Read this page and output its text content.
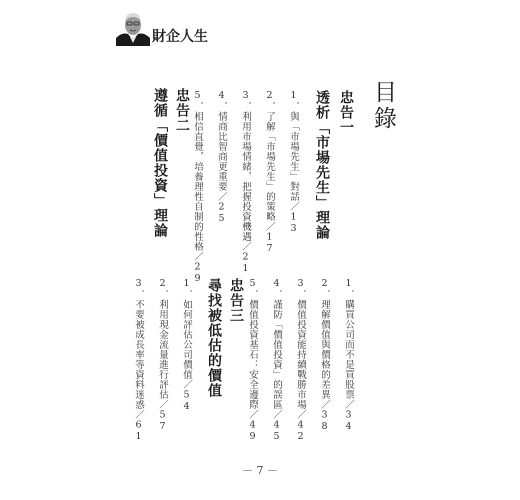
財企人生
目錄
忠告一
透析「市場先生」理論
1．與「市場先生」對話／13
2．了解「市場先生」的策略／17
3．利用市場情緒，把握投資機遇／21
4．情商比智商更重要／25
5．相信直覺，培養理性自制的性格／29
忠告二
遵循「價值投資」理論
1．購買公司而不是買股票／34
2．理解價值與價格的差異／38
3．價值投資能持續戰勝市場／42
4．謹防「價值投資」的誤區／45
5．價值投資基石：安全邊際／49
忠告三
尋找被低估的價值
1．如何評估公司價值／54
2．利用現金流量進行評估／57
3．不要被成長率等資料迷惑／61
－ 7 －
